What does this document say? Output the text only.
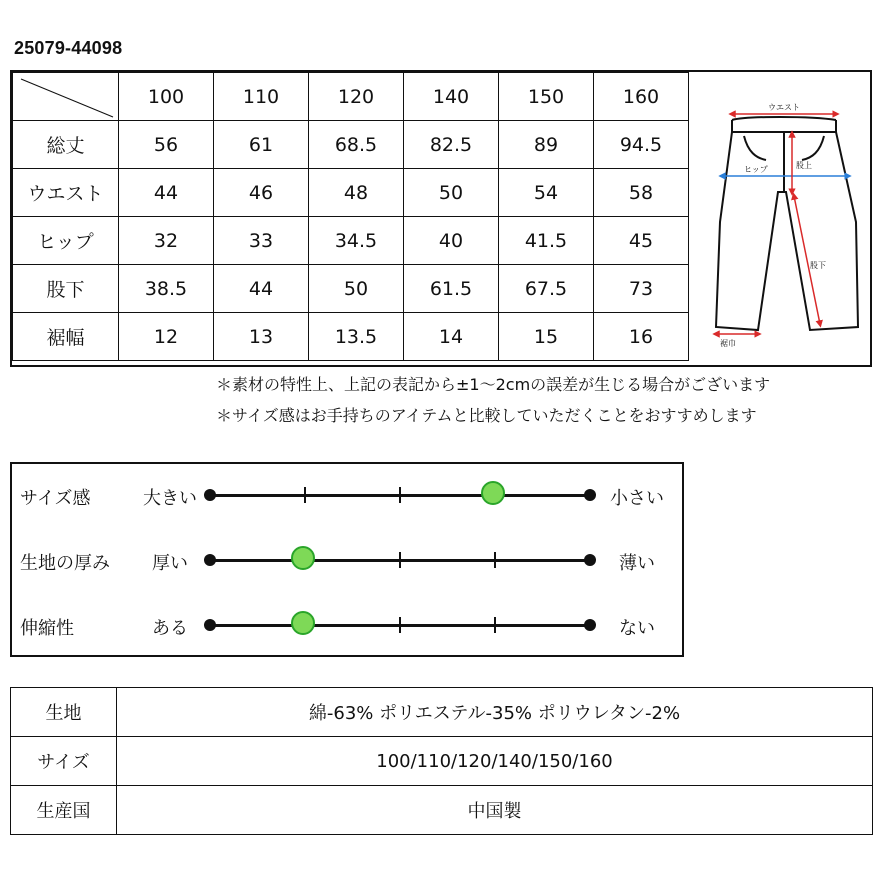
25079-44098
	100	110	120	140	150	160
総丈	56	61	68.5	82.5	89	94.5
ウエスト	44	46	48	50	54	58
ヒップ	32	33	34.5	40	41.5	45
股下	38.5	44	50	61.5	67.5	73
裾幅	12	13	13.5	14	15	16
ウエスト
ヒップ	股上
股下
裾巾
＊素材の特性上、上記の表記から±1〜2cmの誤差が生じる場合がございます
＊サイズ感はお手持ちのアイテムと比較していただくことをおすすめします
サイズ感	大きい	小さい
生地の厚み	厚い	薄い
伸縮性	ある	ない
生地	綿-63% ポリエステル-35% ポリウレタン-2%
サイズ	100/110/120/140/150/160
生産国	中国製
